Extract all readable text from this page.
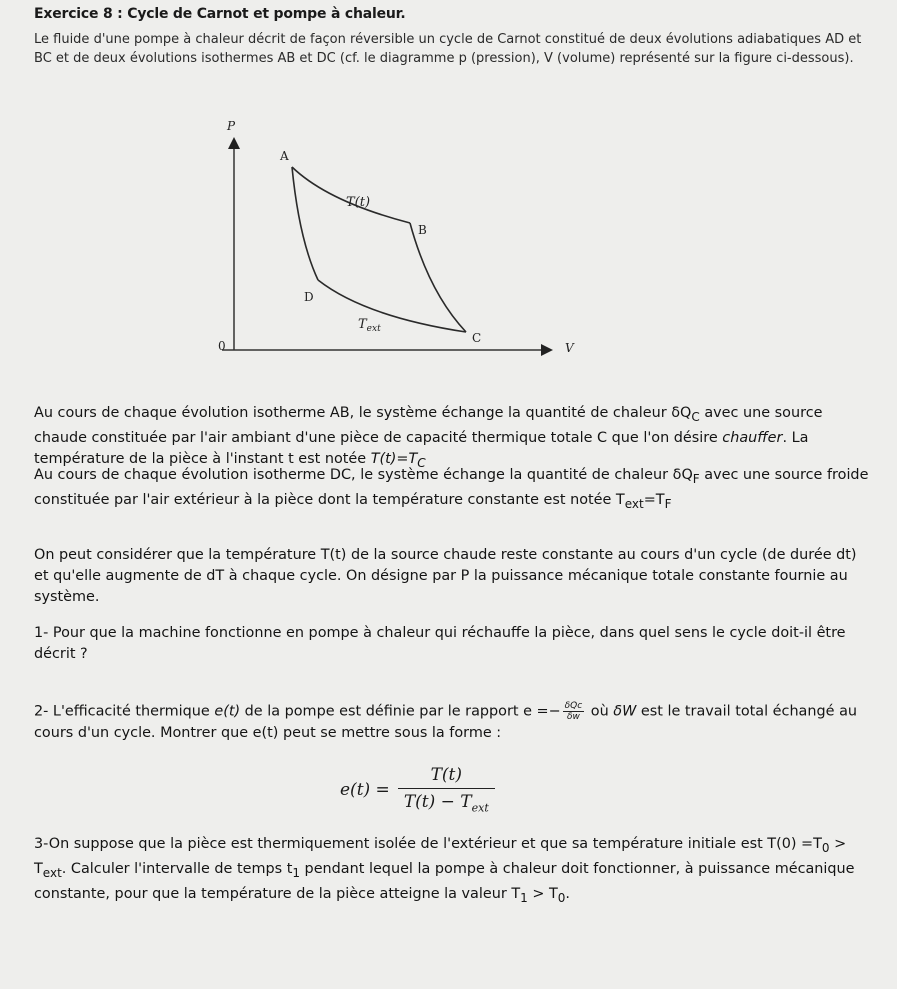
Exercice 8 : Cycle de Carnot et pompe à chaleur.
Le fluide d'une pompe à chaleur décrit de façon réversible un cycle de Carnot constitué de deux évolutions adiabatiques AD et BC et de deux évolutions isothermes AB et DC (cf. le diagramme p (pression), V (volume) représenté sur la figure ci-dessous).
P
V
0
A
B
C
D
T(t)
$T_{ext}$
Au cours de chaque évolution isotherme AB, le système échange la quantité de chaleur $\delta Q_C$ avec une source chaude constituée par l'air ambiant d'une pièce de capacité thermique totale C que l'on désire chauffer. La température de la pièce à l'instant t est notée $T(t)=T_C$
Au cours de chaque évolution isotherme DC, le système échange la quantité de chaleur $\delta Q_F$ avec une source froide constituée par l'air extérieur à la pièce dont la température constante est notée $T_{ext}=T_F$
On peut considérer que la température T(t) de la source chaude reste constante au cours d'un cycle (de durée dt) et qu'elle augmente de dT à chaque cycle. On désigne par P la puissance mécanique totale constante fournie au système.
1- Pour que la machine fonctionne en pompe à chaleur qui réchauffe la pièce, dans quel sens le cycle doit-il être décrit ?
2- L'efficacité thermique e(t) de la pompe est définie par le rapport $e =- \frac{\text{δQc}}{\delta w}$ où δW est le travail total échangé au cours d'un cycle. Montrer que e(t) peut se mettre sous la forme :
$e(t) = \frac{T(t)}{T(t) - T_{ext}}$
3-On suppose que la pièce est thermiquement isolée de l'extérieur et que sa température initiale est $T(0) =T_0 > T_{ext}$. Calculer l'intervalle de temps $t_1$ pendant lequel la pompe à chaleur doit fonctionner, à puissance mécanique constante, pour que la température de la pièce atteigne la valeur $T_1 > T_0$.
